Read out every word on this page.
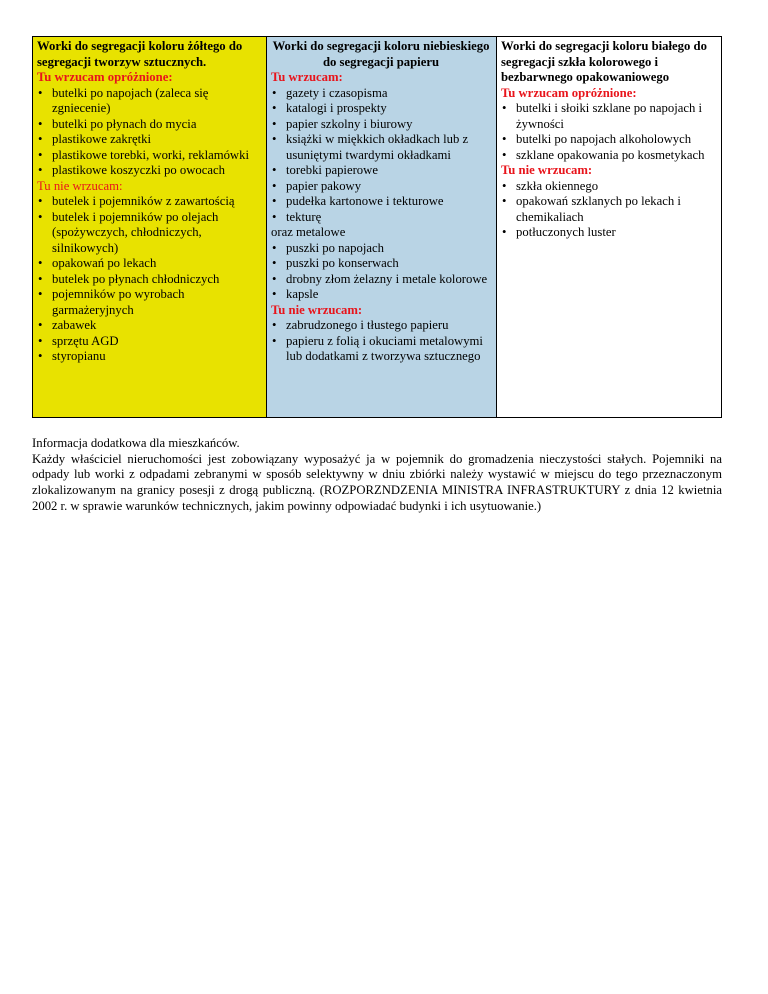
Worki do segregacji koloru żółtego do segregacji tworzyw sztucznych.
Tu wrzucam opróżnione:
• butelki po napojach (zaleca się zgniecenie)
• butelki po płynach do mycia
• plastikowe zakrętki
• plastikowe torebki, worki, reklamówki
• plastikowe koszyczki po owocach
Tu nie wrzucam:
• butelek i pojemników z zawartością
• butelek i pojemników po olejach (spożywczych, chłodniczych, silnikowych)
• opakowań po lekach
• butelek po płynach chłodniczych
• pojemników po wyrobach garmażeryjnych
• zabawek
• sprzętu AGD
• styropianu

Worki do segregacji koloru niebieskiego do segregacji papieru
Tu wrzucam:
• gazety i czasopisma
• katalogi i prospekty
• papier szkolny i biurowy
• książki w miękkich okładkach lub z usuniętymi twardymi okładkami
• torebki papierowe
• papier pakowy
• pudełka kartonowe i tekturowe
• tekturę
oraz metalowe
• puszki po napojach
• puszki po konserwach
• drobny złom żelazny i metale kolorowe
• kapsle
Tu nie wrzucam:
• zabrudzonego i tłustego papieru
• papieru z folią i okuciami metalowymi lub dodatkami z tworzywa sztucznego

Worki do segregacji koloru białego do segregacji szkła kolorowego i bezbarwnego opakowaniowego
Tu wrzucam opróżnione:
• butelki i słoiki szklane po napojach i żywności
• butelki po napojach alkoholowych
• szklane opakowania po kosmetykach
Tu nie wrzucam:
• szkła okiennego
• opakowań szklanych po lekach i chemikaliach
• potłuczonych luster
Informacja dodatkowa dla mieszkańców.
Każdy właściciel nieruchomości jest zobowiązany wyposażyć ja w pojemnik do gromadzenia nieczystości stałych. Pojemniki na odpady lub worki z odpadami zebranymi w sposób selektywny w dniu zbiórki należy wystawić w miejscu do tego przeznaczonym zlokalizowanym na granicy posesji z drogą publiczną. (ROZPORZNDZENIA MINISTRA INFRASTRUKTURY z dnia 12 kwietnia 2002 r. w sprawie warunków technicznych, jakim powinny odpowiadać budynki i ich usytuowanie.)
